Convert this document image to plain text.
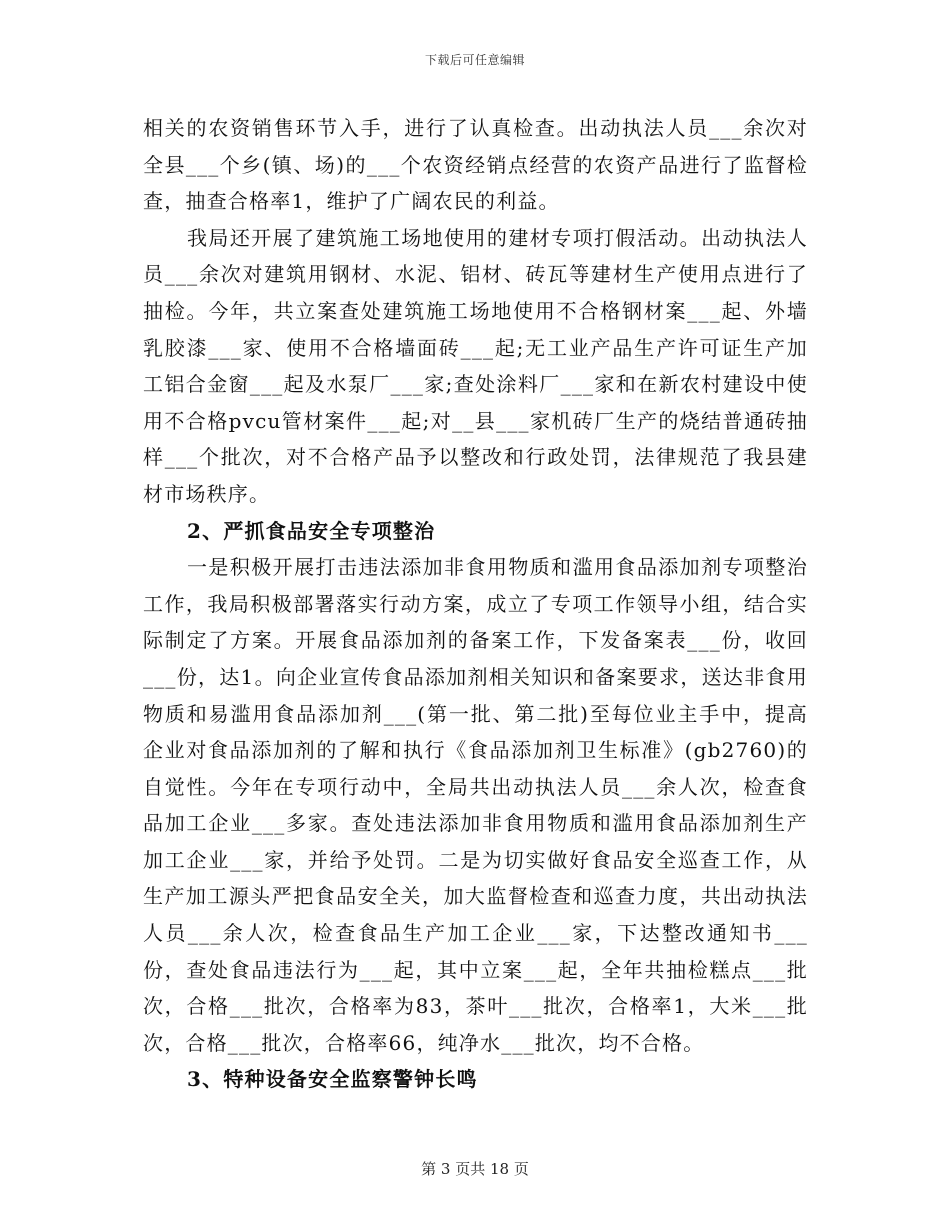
下载后可任意编辑

相关的农资销售环节入手，进行了认真检查。出动执法人员___余次对全县___个乡(镇、场)的___个农资经销点经营的农资产品进行了监督检查，抽查合格率1，维护了广阔农民的利益。

我局还开展了建筑施工场地使用的建材专项打假活动。出动执法人员___余次对建筑用钢材、水泥、铝材、砖瓦等建材生产使用点进行了抽检。今年，共立案查处建筑施工场地使用不合格钢材案___起、外墙乳胶漆___家、使用不合格墙面砖___起;无工业产品生产许可证生产加工铝合金窗___起及水泵厂___家;查处涂料厂___家和在新农村建设中使用不合格pvcu管材案件___起;对__县___家机砖厂生产的烧结普通砖抽样___个批次，对不合格产品予以整改和行政处罚，法律规范了我县建材市场秩序。

2、严抓食品安全专项整治

一是积极开展打击违法添加非食用物质和滥用食品添加剂专项整治工作，我局积极部署落实行动方案，成立了专项工作领导小组，结合实际制定了方案。开展食品添加剂的备案工作，下发备案表___份，收回___份，达1。向企业宣传食品添加剂相关知识和备案要求，送达非食用物质和易滥用食品添加剂___(第一批、第二批)至每位业主手中，提高企业对食品添加剂的了解和执行《食品添加剂卫生标准》(gb2760)的自觉性。今年在专项行动中，全局共出动执法人员___余人次，检查食品加工企业___多家。查处违法添加非食用物质和滥用食品添加剂生产加工企业___家，并给予处罚。二是为切实做好食品安全巡查工作，从生产加工源头严把食品安全关，加大监督检查和巡查力度，共出动执法人员___余人次，检查食品生产加工企业___家，下达整改通知书___份，查处食品违法行为___起，其中立案___起，全年共抽检糕点___批次，合格___批次，合格率为83，茶叶___批次，合格率1，大米___批次，合格___批次，合格率66，纯净水___批次，均不合格。

3、特种设备安全监察警钟长鸣
第 3 页共 18 页
